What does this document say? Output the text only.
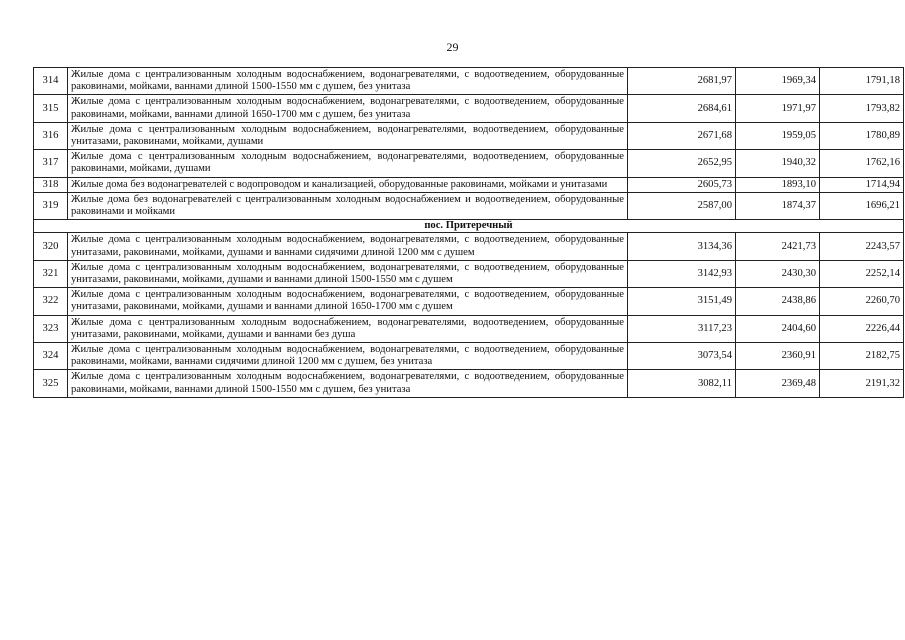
29
314	Жилые дома с централизованным холодным водоснабжением, водонагревателями, с водоотведением, оборудованные раковинами, мойками, ваннами длиной 1500-1550 мм с душем, без унитаза	2681,97	1969,34	1791,18
315	Жилые дома с централизованным холодным водоснабжением, водонагревателями, с водоотведением, оборудованные раковинами, мойками, ваннами длиной 1650-1700 мм с душем, без унитаза	2684,61	1971,97	1793,82
316	Жилые дома с централизованным холодным водоснабжением, водонагревателями, водоотведением, оборудованные унитазами, раковинами, мойками, душами	2671,68	1959,05	1780,89
317	Жилые дома с централизованным холодным водоснабжением, водонагревателями, водоотведением, оборудованные раковинами, мойками, душами	2652,95	1940,32	1762,16
318	Жилые дома без водонагревателей с водопроводом и канализацией, оборудованные раковинами, мойками и унитазами	2605,73	1893,10	1714,94
319	Жилые дома без водонагревателей с централизованным холодным водоснабжением и водоотведением, оборудованные раковинами и мойками	2587,00	1874,37	1696,21
пос. Притеречный				
320	Жилые дома с централизованным холодным водоснабжением, водонагревателями, с водоотведением, оборудованные унитазами, раковинами, мойками, душами и ваннами сидячими длиной 1200 мм с душем	3134,36	2421,73	2243,57
321	Жилые дома с централизованным холодным водоснабжением, водонагревателями, с водоотведением, оборудованные унитазами, раковинами, мойками, душами и ваннами длиной 1500-1550 мм с душем	3142,93	2430,30	2252,14
322	Жилые дома с централизованным холодным водоснабжением, водонагревателями, с водоотведением, оборудованные унитазами, раковинами, мойками, душами и ваннами длиной 1650-1700 мм с душем	3151,49	2438,86	2260,70
323	Жилые дома с централизованным холодным водоснабжением, водонагревателями, водоотведением, оборудованные унитазами, раковинами, мойками, душами и ваннами без душа	3117,23	2404,60	2226,44
324	Жилые дома с централизованным холодным водоснабжением, водонагревателями, с водоотведением, оборудованные раковинами, мойками, ваннами сидячими длиной 1200 мм с душем, без унитаза	3073,54	2360,91	2182,75
325	Жилые дома с централизованным холодным водоснабжением, водонагревателями, с водоотведением, оборудованные раковинами, мойками, ваннами длиной 1500-1550 мм с душем, без унитаза	3082,11	2369,48	2191,32
